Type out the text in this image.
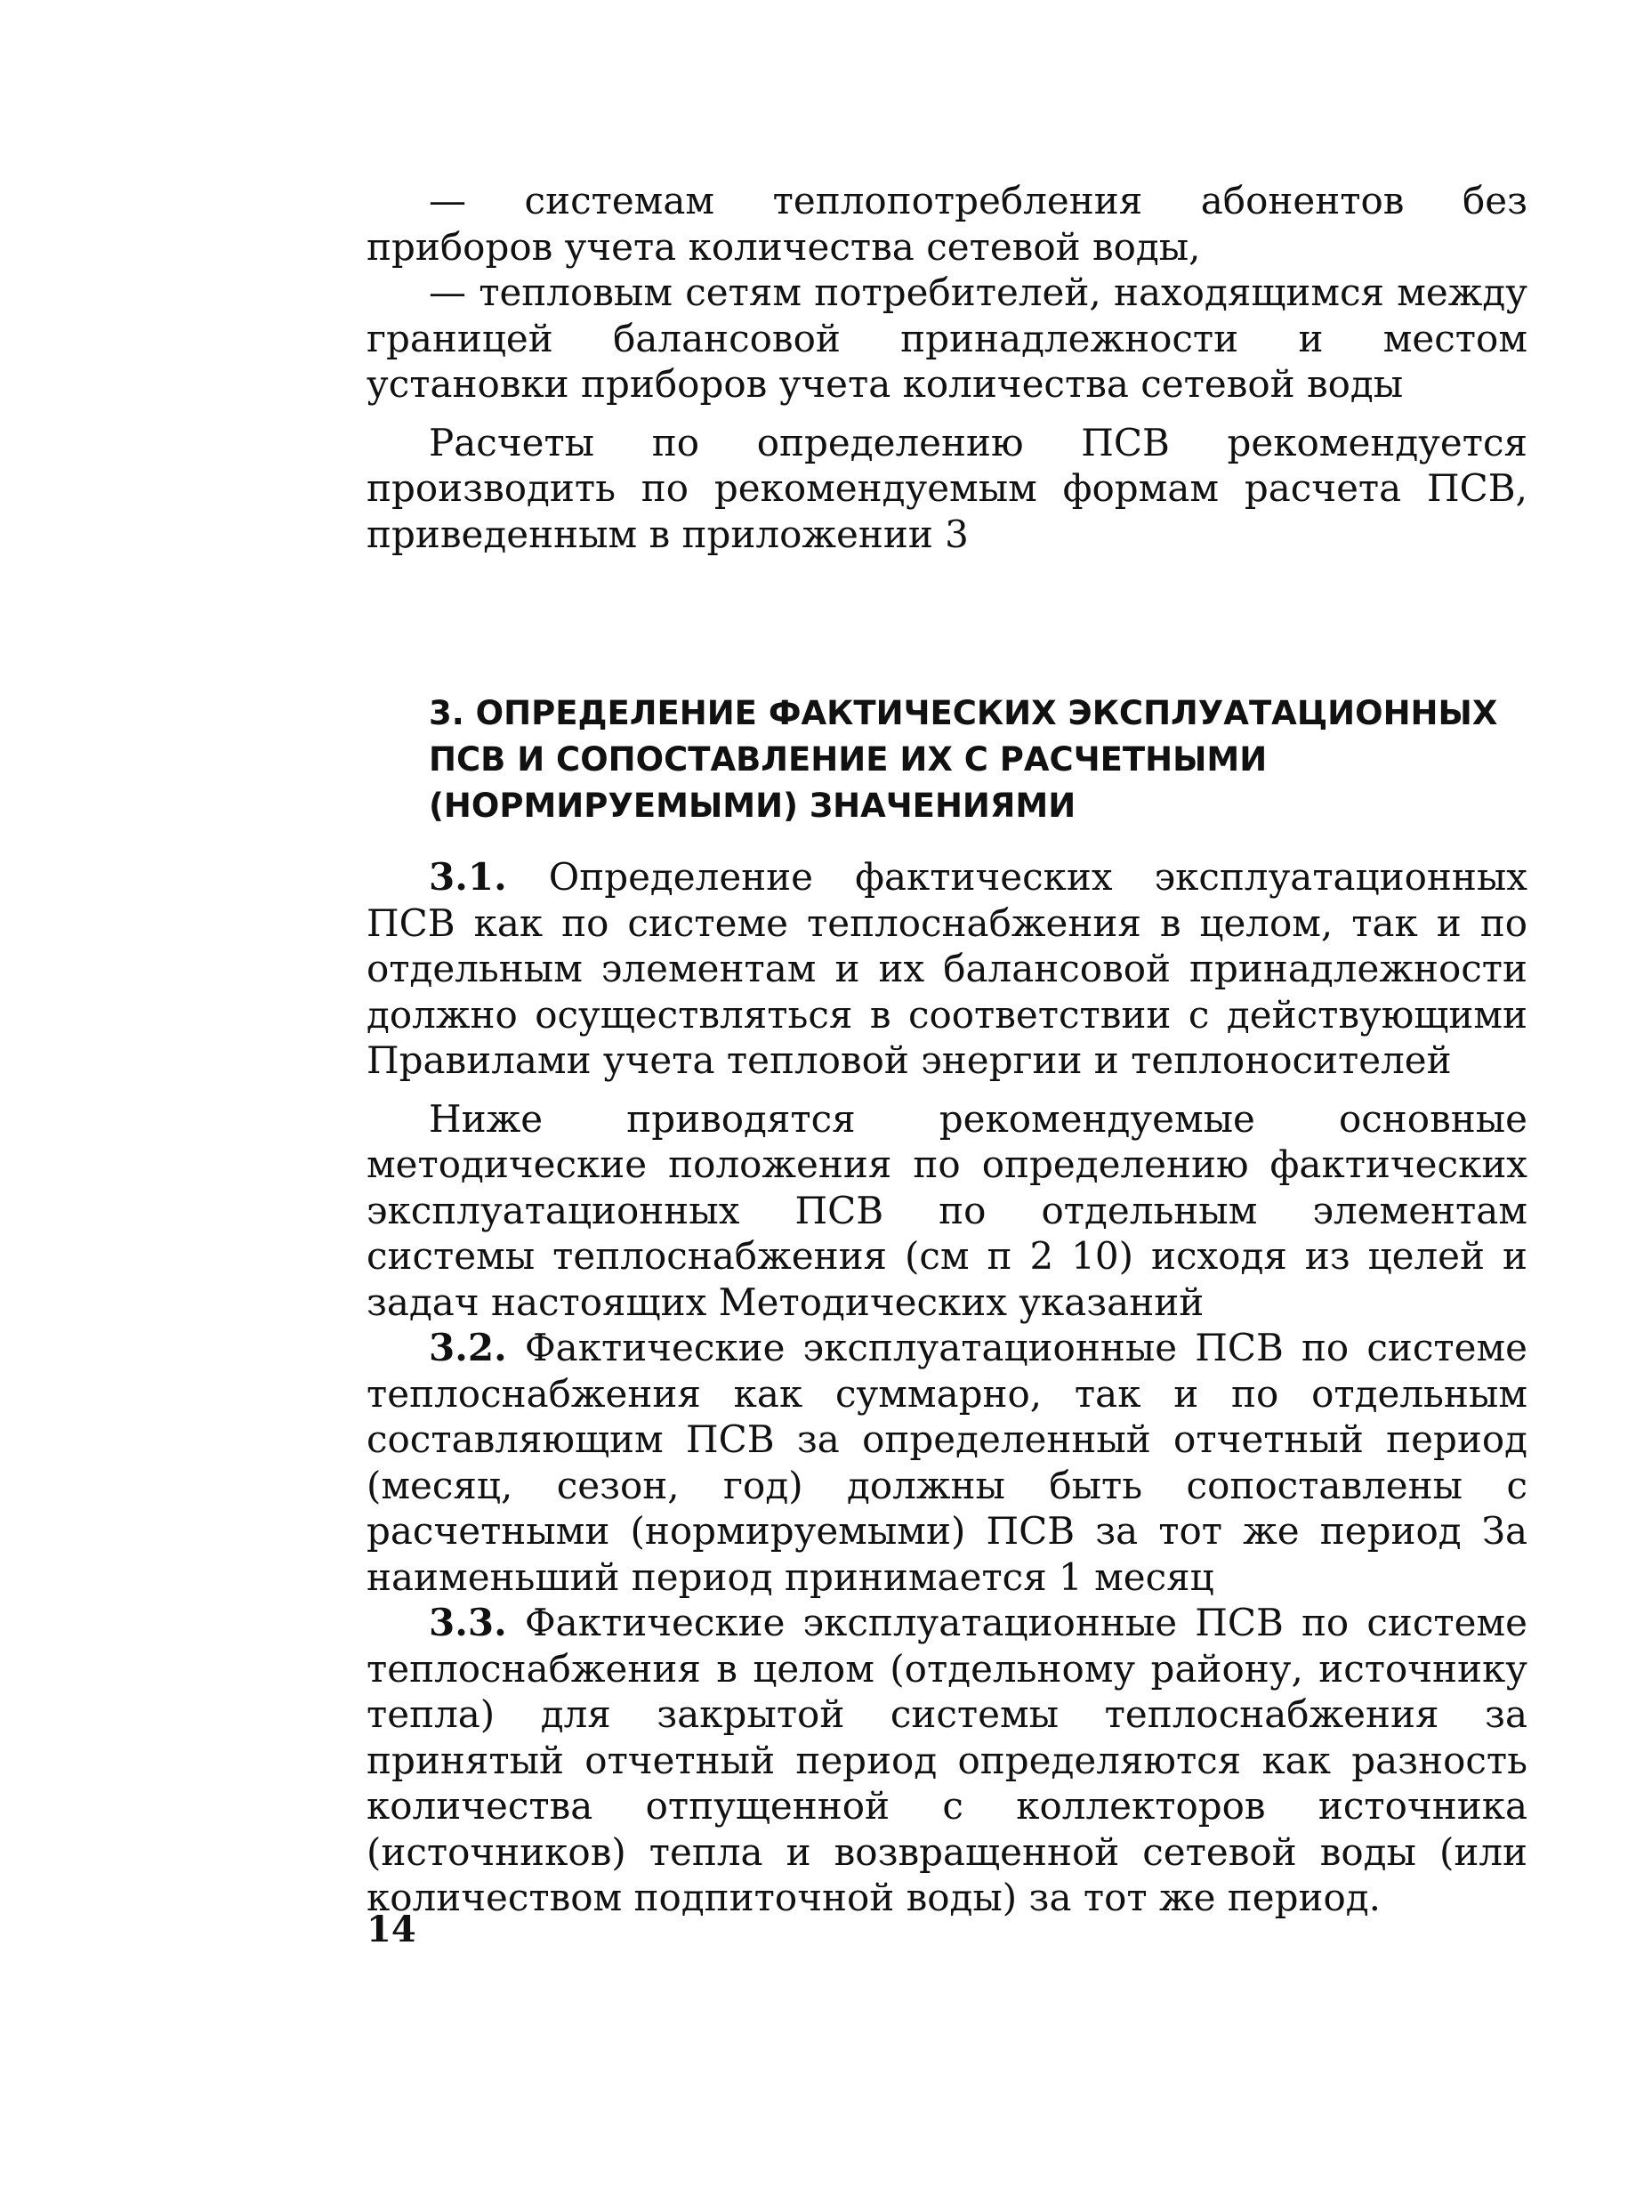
— системам теплопотребления абонентов без приборов учета количества сетевой воды,

— тепловым сетям потребителей, находящимся между границей балансовой принадлежности и местом установки приборов учета количества сетевой воды

Расчеты по определению ПСВ рекомендуется производить по рекомендуемым формам расчета ПСВ, приведенным в приложении 3

3. ОПРЕДЕЛЕНИЕ ФАКТИЧЕСКИХ ЭКСПЛУАТАЦИОННЫХ ПСВ И СОПОСТАВЛЕНИЕ ИХ С РАСЧЕТНЫМИ (НОРМИРУЕМЫМИ) ЗНАЧЕНИЯМИ

3.1. Определение фактических эксплуатационных ПСВ как по системе теплоснабжения в целом, так и по отдельным элементам и их балансовой принадлежности должно осуществляться в соответствии с действующими Правилами учета тепловой энергии и теплоносителей

Ниже приводятся рекомендуемые основные методические положения по определению фактических эксплуатационных ПСВ по отдельным элементам системы теплоснабжения (см п 2 10) исходя из целей и задач настоящих Методических указаний

3.2. Фактические эксплуатационные ПСВ по системе теплоснабжения как суммарно, так и по отдельным составляющим ПСВ за определенный отчетный период (месяц, сезон, год) должны быть сопоставлены с расчетными (нормируемыми) ПСВ за тот же период За наименьший период принимается 1 месяц

3.3. Фактические эксплуатационные ПСВ по системе теплоснабжения в целом (отдельному району, источнику тепла) для закрытой системы теплоснабжения за принятый отчетный период определяются как разность количества отпущенной с коллекторов источника (источников) тепла и возвращенной сетевой воды (или количеством подпиточной воды) за тот же период.

14
